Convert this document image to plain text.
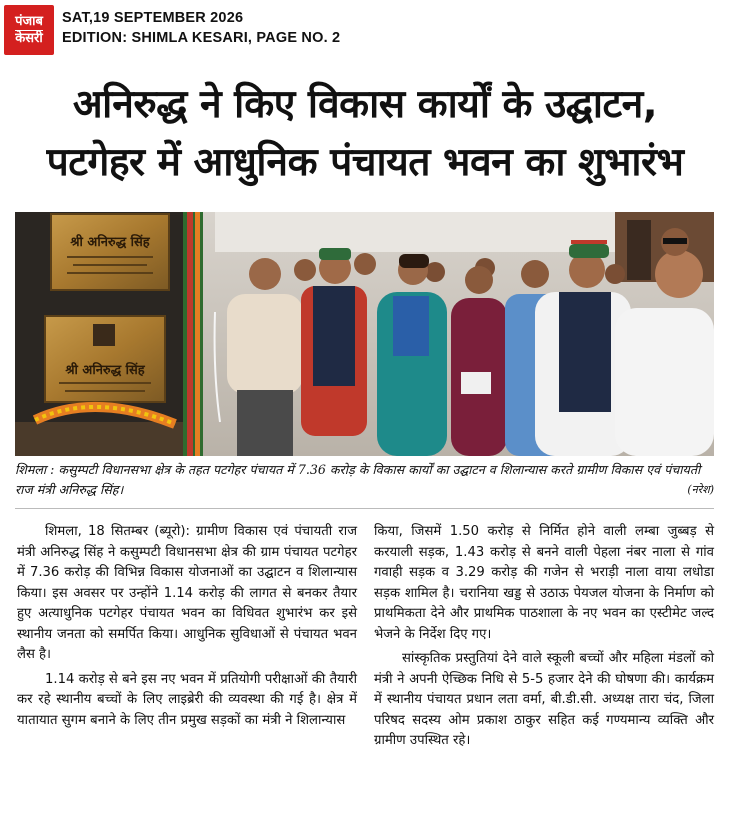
पंजाब
केसरी
SAT,19 SEPTEMBER 2026
EDITION: SHIMLA KESARI, PAGE NO. 2
अनिरुद्ध ने किए विकास कार्यों के उद्घाटन,
पटगेहर में आधुनिक पंचायत भवन का शुभारंभ
श्री अनिरुद्ध सिंह
श्री अनिरुद्ध सिंह
शिमला : कसुम्पटी विधानसभा क्षेत्र के तहत पटगेहर पंचायत में 7.36 करोड़ के विकास कार्यों का उद्घाटन व शिलान्यास करते ग्रामीण विकास एवं पंचायती राज मंत्री अनिरुद्ध सिंह।	(नरेश)

शिमला, 18 सितम्बर (ब्यूरो): ग्रामीण विकास एवं पंचायती राज मंत्री अनिरुद्ध सिंह ने कसुम्पटी विधानसभा क्षेत्र की ग्राम पंचायत पटगेहर में 7.36 करोड़ की विभिन्न विकास योजनाओं का उद्घाटन व शिलान्यास किया। इस अवसर पर उन्होंने 1.14 करोड़ की लागत से बनकर तैयार हुए अत्याधुनिक पटगेहर पंचायत भवन का विधिवत शुभारंभ कर इसे स्थानीय जनता को समर्पित किया। आधुनिक सुविधाओं से पंचायत भवन लैस है।

1.14 करोड़ से बने इस नए भवन में प्रतियोगी परीक्षाओं की तैयारी कर रहे स्थानीय बच्चों के लिए लाइब्रेरी की व्यवस्था की गई है। क्षेत्र में यातायात सुगम बनाने के लिए तीन प्रमुख सड़कों का मंत्री ने शिलान्यास

किया, जिसमें 1.50 करोड़ से निर्मित होने वाली लम्बा जुब्बड़ से करयाली सड़क, 1.43 करोड़ से बनने वाली पेहला नंबर नाला से गांव गवाही सड़क व 3.29 करोड़ की गजेन से भराड़ी नाला वाया लधोडा सड़क शामिल है। चरानिया खड्ड से उठाऊ पेयजल योजना के निर्माण को प्राथमिकता देने और प्राथमिक पाठशाला के नए भवन का एस्टीमेट जल्द भेजने के निर्देश दिए गए।

सांस्कृतिक प्रस्तुतियां देने वाले स्कूली बच्चों और महिला मंडलों को मंत्री ने अपनी ऐच्छिक निधि से 5-5 हजार देने की घोषणा की। कार्यक्रम में स्थानीय पंचायत प्रधान लता वर्मा, बी.डी.सी. अध्यक्ष तारा चंद, जिला परिषद सदस्य ओम प्रकाश ठाकुर सहित कई गण्यमान्य व्यक्ति और ग्रामीण उपस्थित रहे।
